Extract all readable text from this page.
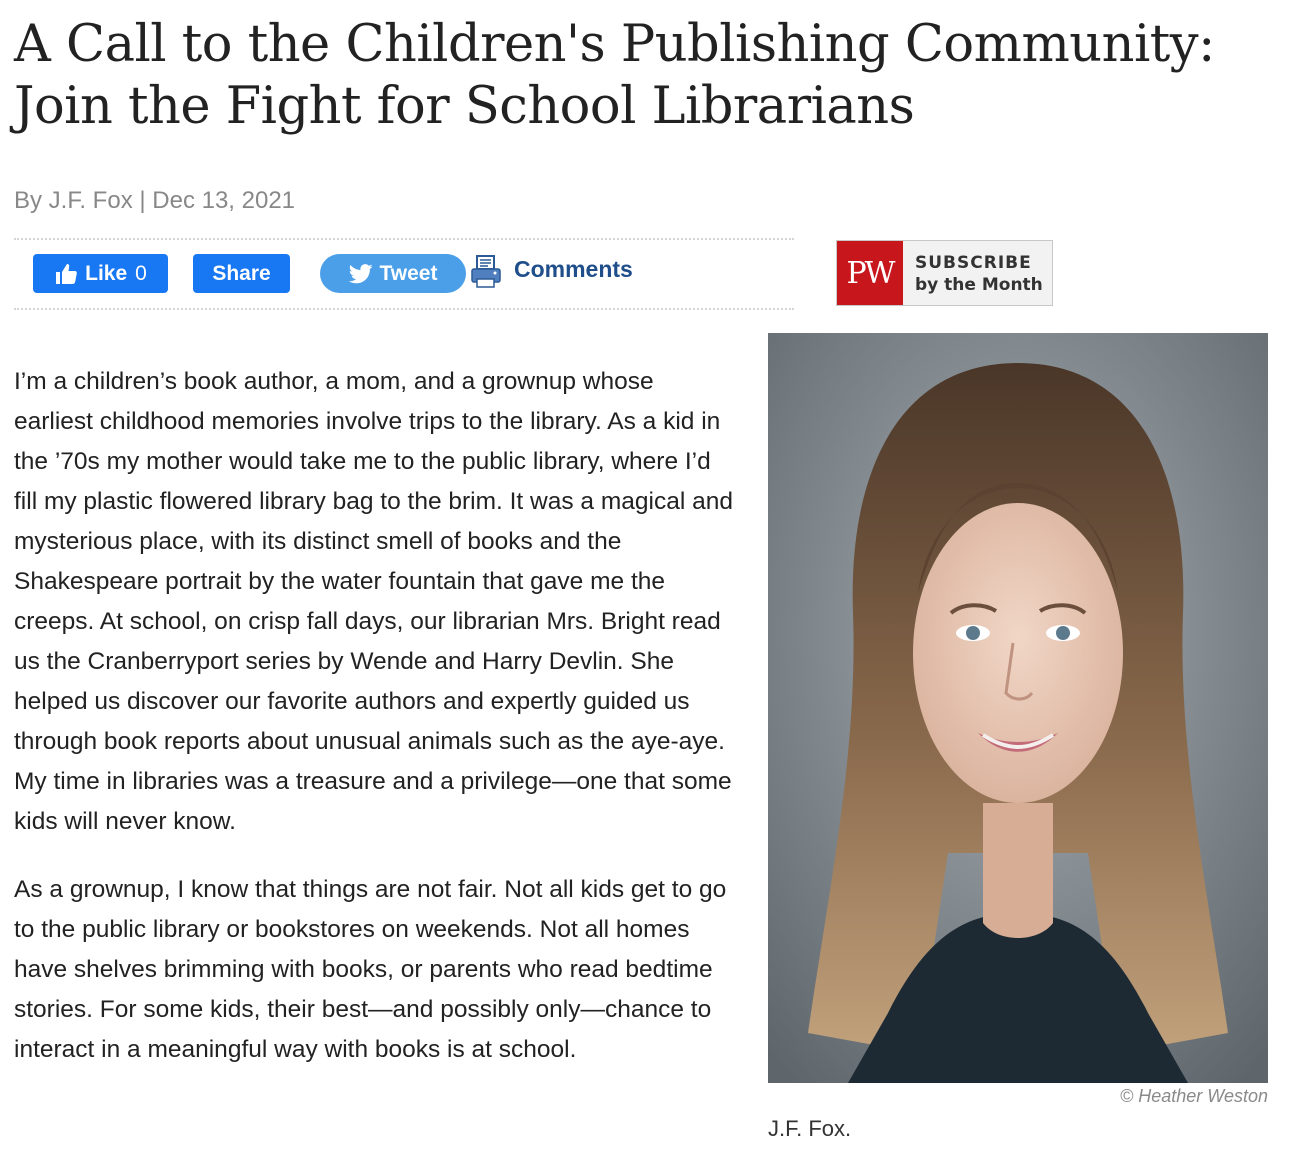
A Call to the Children's Publishing Community:
Join the Fight for School Librarians
By J.F. Fox | Dec 13, 2021
Like 0	Share	Tweet	Comments	PW	SUBSCRIBE
by the Month

I’m a children’s book author, a mom, and a grownup whose earliest childhood memories involve trips to the library. As a kid in the ’70s my mother would take me to the public library, where I’d fill my plastic flowered library bag to the brim. It was a magical and mysterious place, with its distinct smell of books and the Shakespeare portrait by the water fountain that gave me the creeps. At school, on crisp fall days, our librarian Mrs. Bright read us the Cranberryport series by Wende and Harry Devlin. She helped us discover our favorite authors and expertly guided us through book reports about unusual animals such as the aye-aye. My time in libraries was a treasure and a privilege—one that some kids will never know.

As a grownup, I know that things are not fair. Not all kids get to go to the public library or bookstores on weekends. Not all homes have shelves brimming with books, or parents who read bedtime stories. For some kids, their best—and possibly only—chance to interact in a meaningful way with books is at school.

© Heather Weston
J.F. Fox.
